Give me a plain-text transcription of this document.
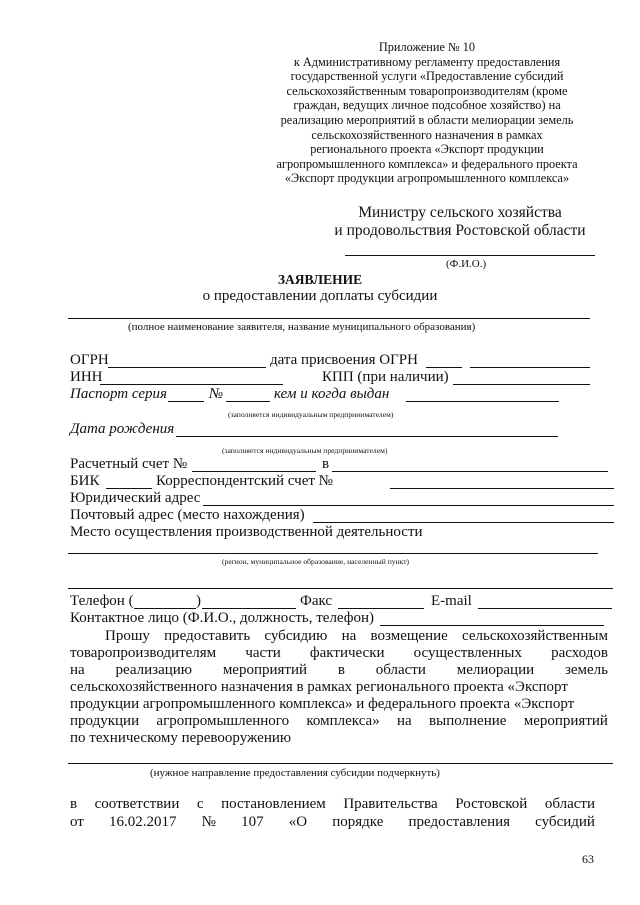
Приложение № 10
к Административному регламенту предоставления
государственной услуги «Предоставление субсидий
сельскохозяйственным товаропроизводителям (кроме
граждан, ведущих личное подсобное хозяйство) на
реализацию мероприятий в области мелиорации земель
сельскохозяйственного назначения в рамках
регионального проекта «Экспорт продукции
агропромышленного комплекса» и федерального проекта
«Экспорт продукции агропромышленного комплекса»
Министру сельского хозяйства
и продовольствия Ростовской области
(Ф.И.О.)
ЗАЯВЛЕНИЕ
о предоставлении доплаты субсидии
(полное наименование заявителя, название муниципального образования)
ОГРН	дата присвоения ОГРН
ИНН	КПП (при наличии)
Паспорт серия	№	кем и когда выдан
(заполняется индивидуальным предпринимателем)
Дата рождения
(заполняется индивидуальным предпринимателем)
Расчетный счет №	в
БИК	Корреспондентский счет №
Юридический адрес
Почтовый адрес (место нахождения)
Место осуществления производственной деятельности
(регион, муниципальное образование, населенный пункт)
Телефон (	)	Факс	E-mail
Контактное лицо (Ф.И.О., должность, телефон)
Прошу предоставить субсидию на возмещение сельскохозяйственным
товаропроизводителям части фактически осуществленных расходов
на реализацию мероприятий в области мелиорации земель
сельскохозяйственного назначения в рамках регионального проекта «Экспорт
продукции агропромышленного комплекса» и федерального проекта «Экспорт
продукции агропромышленного комплекса» на выполнение мероприятий
по техническому перевооружению
(нужное направление предоставления субсидии подчеркнуть)
в соответствии с постановлением Правительства Ростовской области
от 16.02.2017 № 107 «О порядке предоставления субсидий
63
